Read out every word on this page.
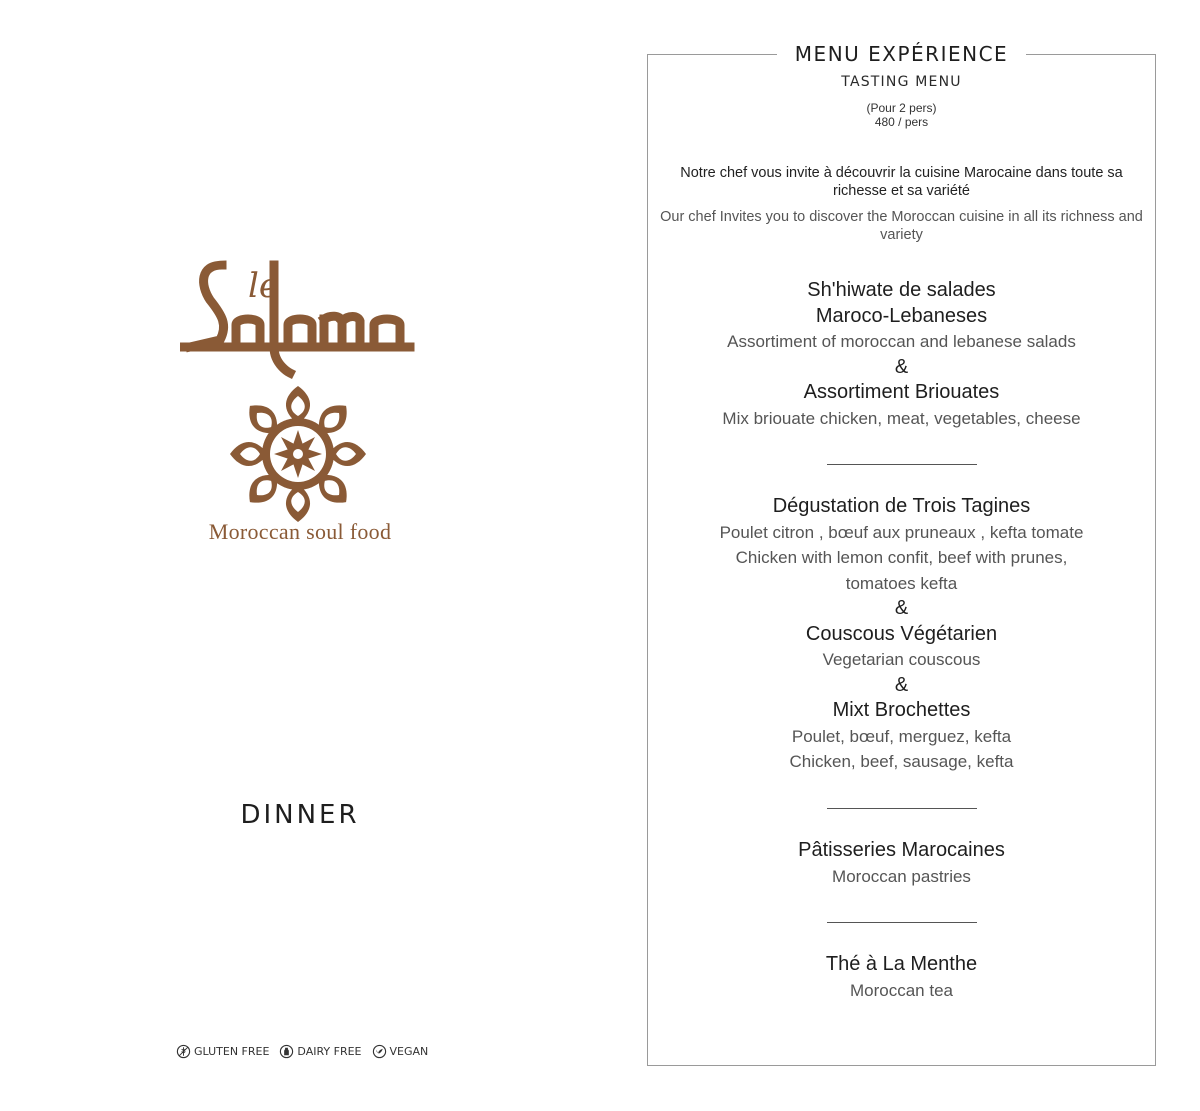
le
Moroccan soul food
DINNER
GLUTEN FREE	DAIRY FREE	VEGAN
MENU EXPÉRIENCE
TASTING MENU
(Pour 2 pers)
480 / pers
Notre chef vous invite à découvrir la cuisine Marocaine dans toute sa richesse et sa variété
Our chef Invites you to discover the Moroccan cuisine in all its richness and variety
Sh'hiwate de salades
Maroco-Lebaneses
Assortiment of moroccan and lebanese salads
&
Assortiment Briouates
Mix briouate chicken, meat, vegetables, cheese
Dégustation de Trois Tagines
Poulet citron , bœuf aux pruneaux , kefta tomate
Chicken with lemon confit, beef with prunes,
tomatoes kefta
&
Couscous Végétarien
Vegetarian couscous
&
Mixt Brochettes
Poulet, bœuf, merguez, kefta
Chicken, beef, sausage, kefta
Pâtisseries Marocaines
Moroccan pastries
Thé à La Menthe
Moroccan tea
